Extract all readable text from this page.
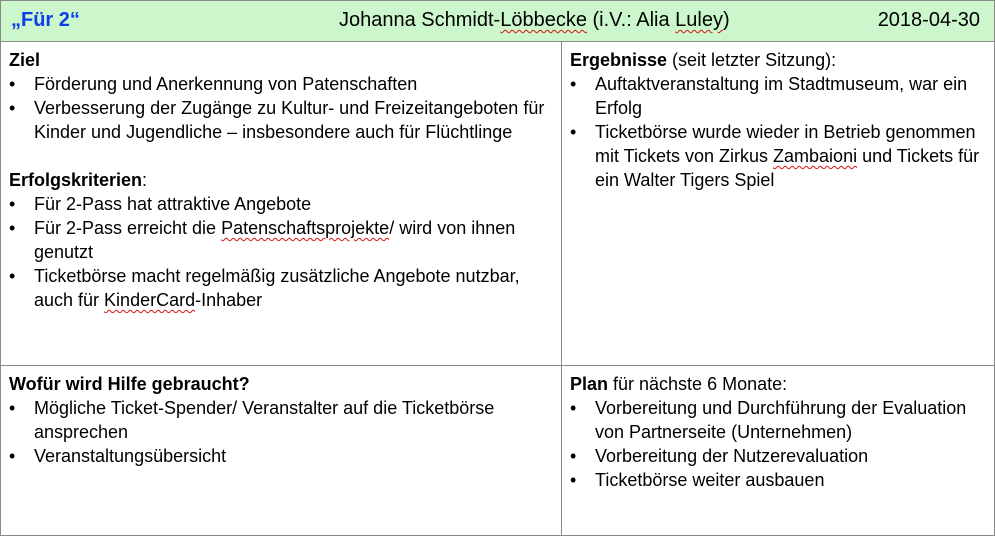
„Für 2“	Johanna Schmidt-Löbbecke (i.V.: Alia Luley)	2018-04-30
Ziel
•	Förderung und Anerkennung von Patenschaften
•	Verbesserung der Zugänge zu Kultur- und Freizeitangeboten für Kinder und Jugendliche – insbesondere auch für Flüchtlinge
Erfolgskriterien:
•	Für 2-Pass hat attraktive Angebote
•	Für 2-Pass erreicht die Patenschaftsprojekte/ wird von ihnen genutzt
•	Ticketbörse macht regelmäßig zusätzliche Angebote nutzbar, auch für KinderCard-Inhaber
Ergebnisse (seit letzter Sitzung):
•	Auftaktveranstaltung im Stadtmuseum, war ein Erfolg
•	Ticketbörse wurde wieder in Betrieb genommen mit Tickets von Zirkus Zambaioni und Tickets für ein Walter Tigers Spiel
Wofür wird Hilfe gebraucht?
•	Mögliche Ticket-Spender/ Veranstalter auf die Ticketbörse ansprechen
•	Veranstaltungsübersicht
Plan für nächste 6 Monate:
•	Vorbereitung und Durchführung der Evaluation von Partnerseite (Unternehmen)
•	Vorbereitung der Nutzerevaluation
•	Ticketbörse weiter ausbauen
